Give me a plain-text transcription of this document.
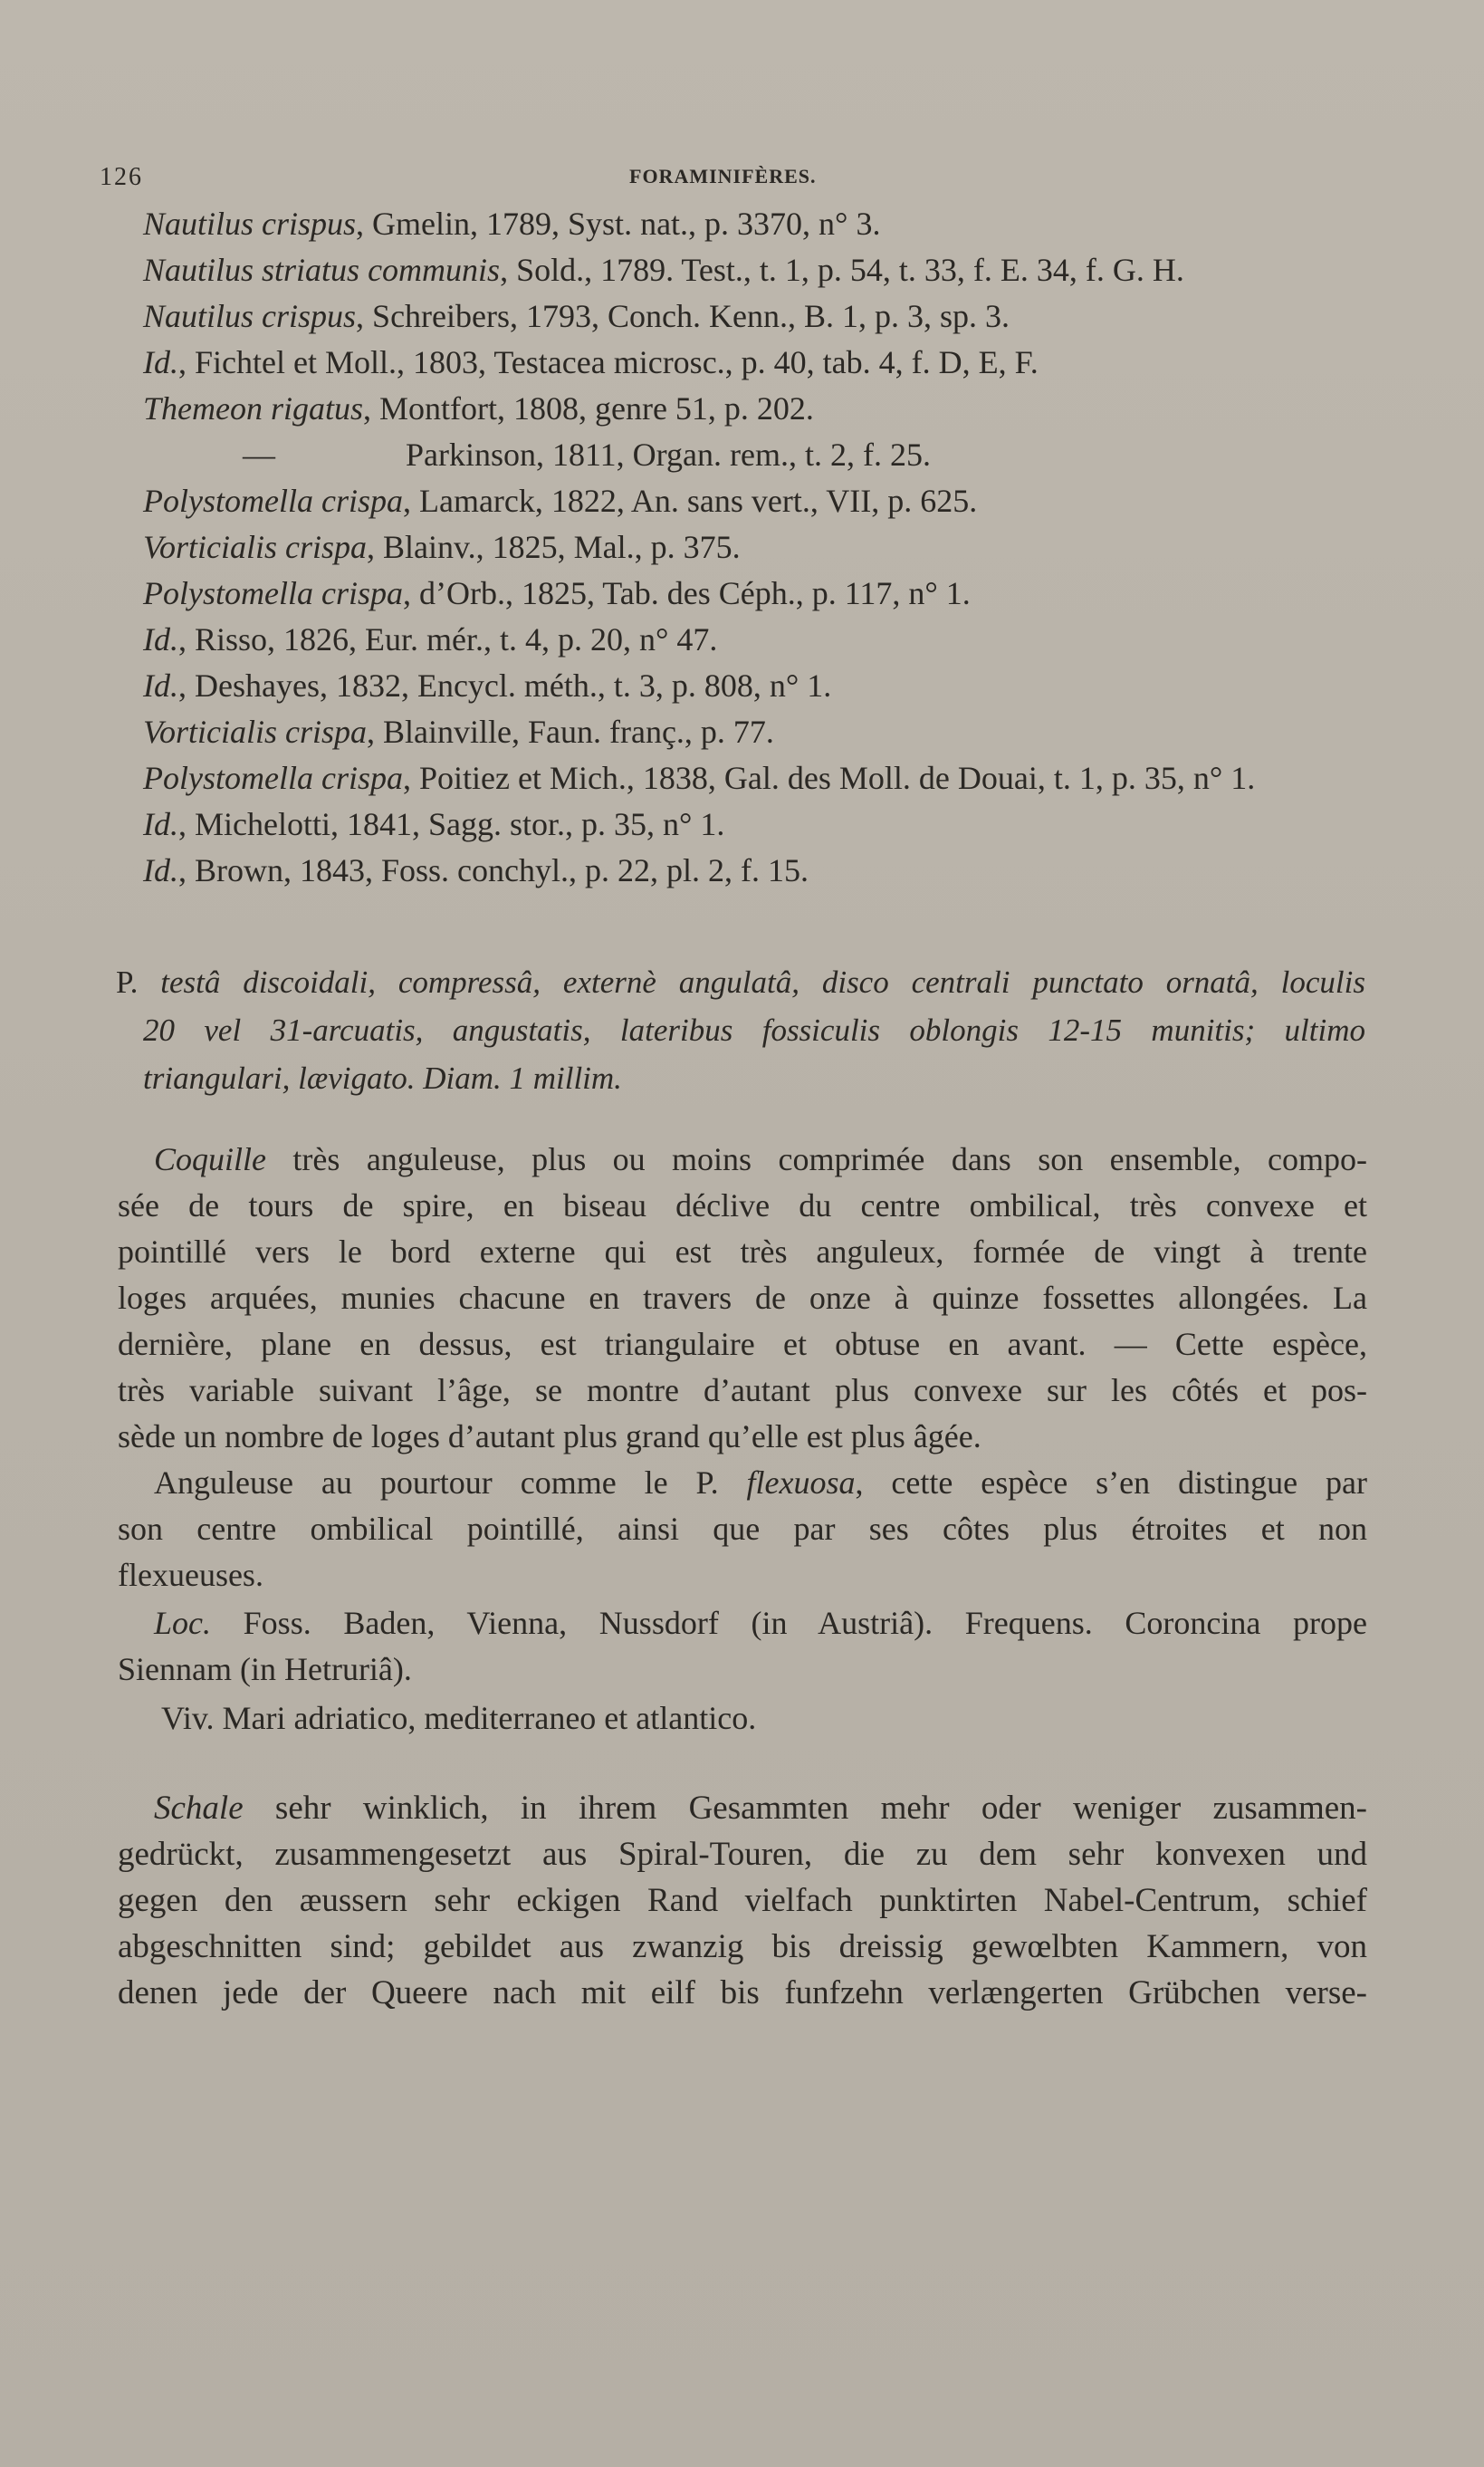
126	FORAMINIFÈRES.
Nautilus crispus, Gmelin, 1789, Syst. nat., p. 3370, n° 3.
Nautilus striatus communis, Sold., 1789. Test., t. 1, p. 54, t. 33, f. E. 34, f. G. H.
Nautilus crispus, Schreibers, 1793, Conch. Kenn., B. 1, p. 3, sp. 3.
Id., Fichtel et Moll., 1803, Testacea microsc., p. 40, tab. 4, f. D, E, F.
Themeon rigatus, Montfort, 1808, genre 51, p. 202.
—	Parkinson, 1811, Organ. rem., t. 2, f. 25.
Polystomella crispa, Lamarck, 1822, An. sans vert., VII, p. 625.
Vorticialis crispa, Blainv., 1825, Mal., p. 375.
Polystomella crispa, d’Orb., 1825, Tab. des Céph., p. 117, n° 1.
Id., Risso, 1826, Eur. mér., t. 4, p. 20, n° 47.
Id., Deshayes, 1832, Encycl. méth., t. 3, p. 808, n° 1.
Vorticialis crispa, Blainville, Faun. franç., p. 77.
Polystomella crispa, Poitiez et Mich., 1838, Gal. des Moll. de Douai, t. 1, p. 35, n° 1.
Id., Michelotti, 1841, Sagg. stor., p. 35, n° 1.
Id., Brown, 1843, Foss. conchyl., p. 22, pl. 2, f. 15.
P. testâ discoidali, compressâ, externè angulatâ, disco centrali punctato ornatâ, loculis
20 vel 31-arcuatis, angustatis, lateribus fossiculis oblongis 12-15 munitis; ultimo
triangulari, lævigato. Diam. 1 millim.
Coquille très anguleuse, plus ou moins comprimée dans son ensemble, compo-
sée de tours de spire, en biseau déclive du centre ombilical, très convexe et
pointillé vers le bord externe qui est très anguleux, formée de vingt à trente
loges arquées, munies chacune en travers de onze à quinze fossettes allongées. La
dernière, plane en dessus, est triangulaire et obtuse en avant. — Cette espèce,
très variable suivant l’âge, se montre d’autant plus convexe sur les côtés et pos-
sède un nombre de loges d’autant plus grand qu’elle est plus âgée.
Anguleuse au pourtour comme le P. flexuosa, cette espèce s’en distingue par
son centre ombilical pointillé, ainsi que par ses côtes plus étroites et non
flexueuses.
Loc. Foss. Baden, Vienna, Nussdorf (in Austriâ). Frequens. Coroncina prope
Siennam (in Hetruriâ).
Viv. Mari adriatico, mediterraneo et atlantico.
Schale sehr winklich, in ihrem Gesammten mehr oder weniger zusammen-
gedrückt, zusammengesetzt aus Spiral-Touren, die zu dem sehr konvexen und
gegen den æussern sehr eckigen Rand vielfach punktirten Nabel-Centrum, schief
abgeschnitten sind; gebildet aus zwanzig bis dreissig gewœlbten Kammern, von
denen jede der Queere nach mit eilf bis funfzehn verlængerten Grübchen verse-
